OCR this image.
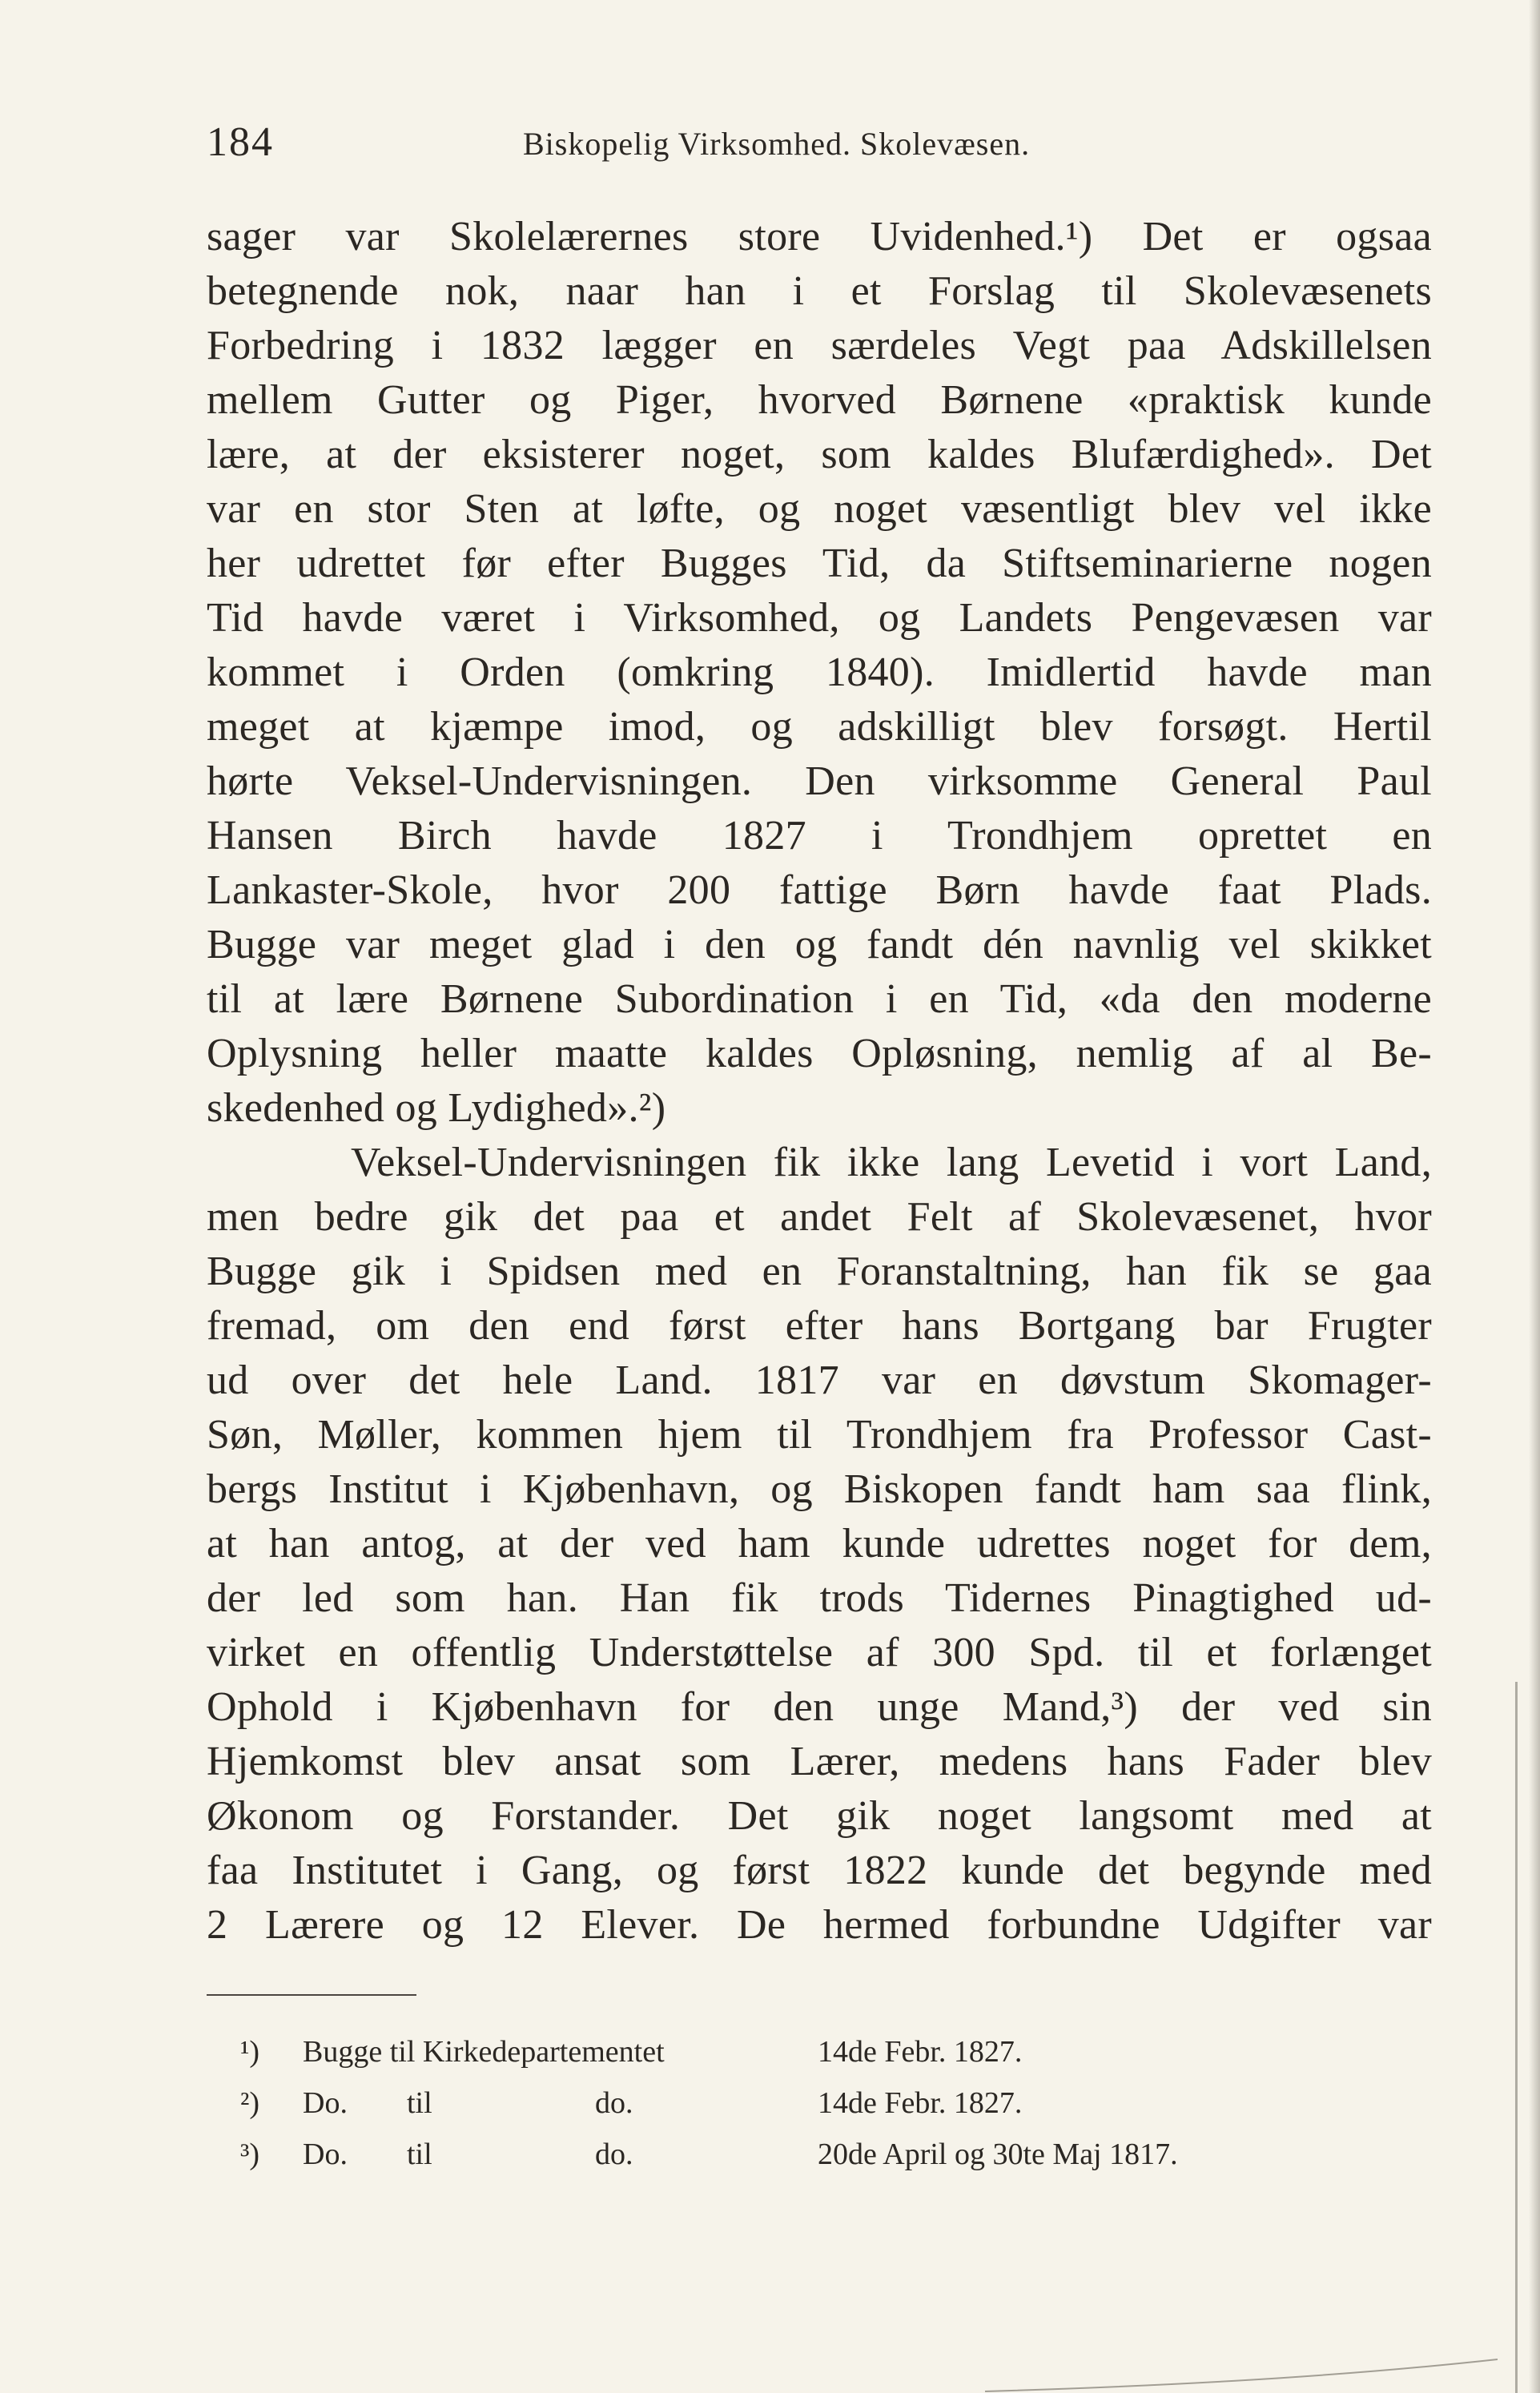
184	Biskopelig Virksomhed. Skolevæsen.
sager var Skolelærernes store Uvidenhed.¹) Det er ogsaa
betegnende nok, naar han i et Forslag til Skolevæsenets
Forbedring i 1832 lægger en særdeles Vegt paa Adskillelsen
mellem Gutter og Piger, hvorved Børnene «praktisk kunde
lære, at der eksisterer noget, som kaldes Blufærdighed». Det
var en stor Sten at løfte, og noget væsentligt blev vel ikke
her udrettet før efter Bugges Tid, da Stiftseminarierne nogen
Tid havde været i Virksomhed, og Landets Pengevæsen var
kommet i Orden (omkring 1840). Imidlertid havde man
meget at kjæmpe imod, og adskilligt blev forsøgt. Hertil
hørte Veksel-Undervisningen. Den virksomme General Paul
Hansen Birch havde 1827 i Trondhjem oprettet en
Lankaster-Skole, hvor 200 fattige Børn havde faat Plads.
Bugge var meget glad i den og fandt dén navnlig vel skikket
til at lære Børnene Subordination i en Tid, «da den moderne
Oplysning heller maatte kaldes Opløsning, nemlig af al Be-
skedenhed og Lydighed».²)
Veksel-Undervisningen fik ikke lang Levetid i vort Land,
men bedre gik det paa et andet Felt af Skolevæsenet, hvor
Bugge gik i Spidsen med en Foranstaltning, han fik se gaa
fremad, om den end først efter hans Bortgang bar Frugter
ud over det hele Land. 1817 var en døvstum Skomager-
Søn, Møller, kommen hjem til Trondhjem fra Professor Cast-
bergs Institut i Kjøbenhavn, og Biskopen fandt ham saa flink,
at han antog, at der ved ham kunde udrettes noget for dem,
der led som han. Han fik trods Tidernes Pinagtighed ud-
virket en offentlig Understøttelse af 300 Spd. til et forlænget
Ophold i Kjøbenhavn for den unge Mand,³) der ved sin
Hjemkomst blev ansat som Lærer, medens hans Fader blev
Økonom og Forstander. Det gik noget langsomt med at
faa Institutet i Gang, og først 1822 kunde det begynde med
2 Lærere og 12 Elever. De hermed forbundne Udgifter var
¹)	Bugge til Kirkedepartementet	14de Febr. 1827.
²)	Do.	til	do.	14de Febr. 1827.
³)	Do.	til	do.	20de April og 30te Maj 1817.
